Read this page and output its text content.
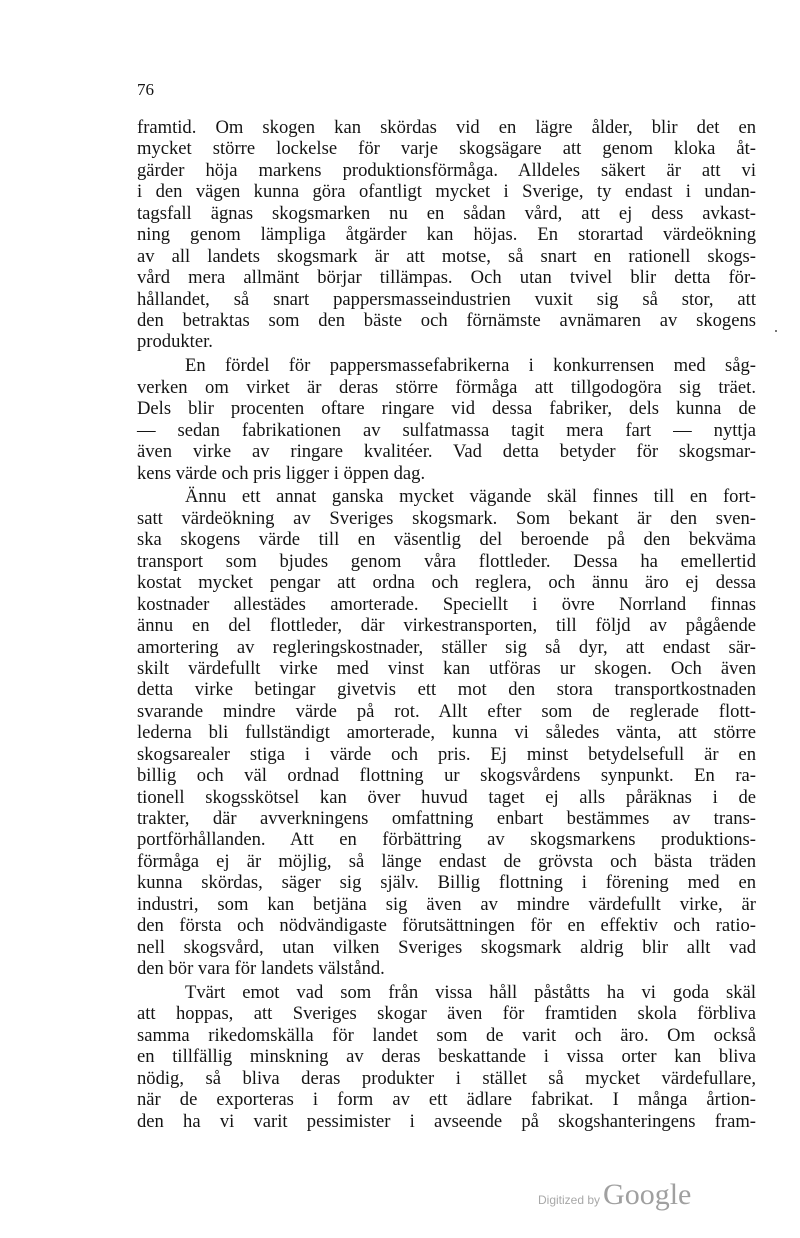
76
framtid. Om skogen kan skördas vid en lägre ålder, blir det en
mycket större lockelse för varje skogsägare att genom kloka åt-
gärder höja markens produktionsförmåga. Alldeles säkert är att vi
i den vägen kunna göra ofantligt mycket i Sverige, ty endast i undan-
tagsfall ägnas skogsmarken nu en sådan vård, att ej dess avkast-
ning genom lämpliga åtgärder kan höjas. En storartad värdeökning
av all landets skogsmark är att motse, så snart en rationell skogs-
vård mera allmänt börjar tillämpas. Och utan tvivel blir detta för-
hållandet, så snart pappersmasseindustrien vuxit sig så stor, att
den betraktas som den bäste och förnämste avnämaren av skogens
produkter.
En fördel för pappersmassefabrikerna i konkurrensen med såg-
verken om virket är deras större förmåga att tillgodogöra sig träet.
Dels blir procenten oftare ringare vid dessa fabriker, dels kunna de
— sedan fabrikationen av sulfatmassa tagit mera fart — nyttja
även virke av ringare kvalitéer. Vad detta betyder för skogsmar-
kens värde och pris ligger i öppen dag.
Ännu ett annat ganska mycket vägande skäl finnes till en fort-
satt värdeökning av Sveriges skogsmark. Som bekant är den sven-
ska skogens värde till en väsentlig del beroende på den bekväma
transport som bjudes genom våra flottleder. Dessa ha emellertid
kostat mycket pengar att ordna och reglera, och ännu äro ej dessa
kostnader allestädes amorterade. Speciellt i övre Norrland finnas
ännu en del flottleder, där virkestransporten, till följd av pågående
amortering av regleringskostnader, ställer sig så dyr, att endast sär-
skilt värdefullt virke med vinst kan utföras ur skogen. Och även
detta virke betingar givetvis ett mot den stora transportkostnaden
svarande mindre värde på rot. Allt efter som de reglerade flott-
lederna bli fullständigt amorterade, kunna vi således vänta, att större
skogsarealer stiga i värde och pris. Ej minst betydelsefull är en
billig och väl ordnad flottning ur skogsvårdens synpunkt. En ra-
tionell skogsskötsel kan över huvud taget ej alls påräknas i de
trakter, där avverkningens omfattning enbart bestämmes av trans-
portförhållanden. Att en förbättring av skogsmarkens produktions-
förmåga ej är möjlig, så länge endast de grövsta och bästa träden
kunna skördas, säger sig själv. Billig flottning i förening med en
industri, som kan betjäna sig även av mindre värdefullt virke, är
den första och nödvändigaste förutsättningen för en effektiv och ratio-
nell skogsvård, utan vilken Sveriges skogsmark aldrig blir allt vad
den bör vara för landets välstånd.
Tvärt emot vad som från vissa håll påståtts ha vi goda skäl
att hoppas, att Sveriges skogar även för framtiden skola förbliva
samma rikedomskälla för landet som de varit och äro. Om också
en tillfällig minskning av deras beskattande i vissa orter kan bliva
nödig, så bliva deras produkter i stället så mycket värdefullare,
när de exporteras i form av ett ädlare fabrikat. I många årtion-
den ha vi varit pessimister i avseende på skogshanteringens fram-
Digitized by Google
